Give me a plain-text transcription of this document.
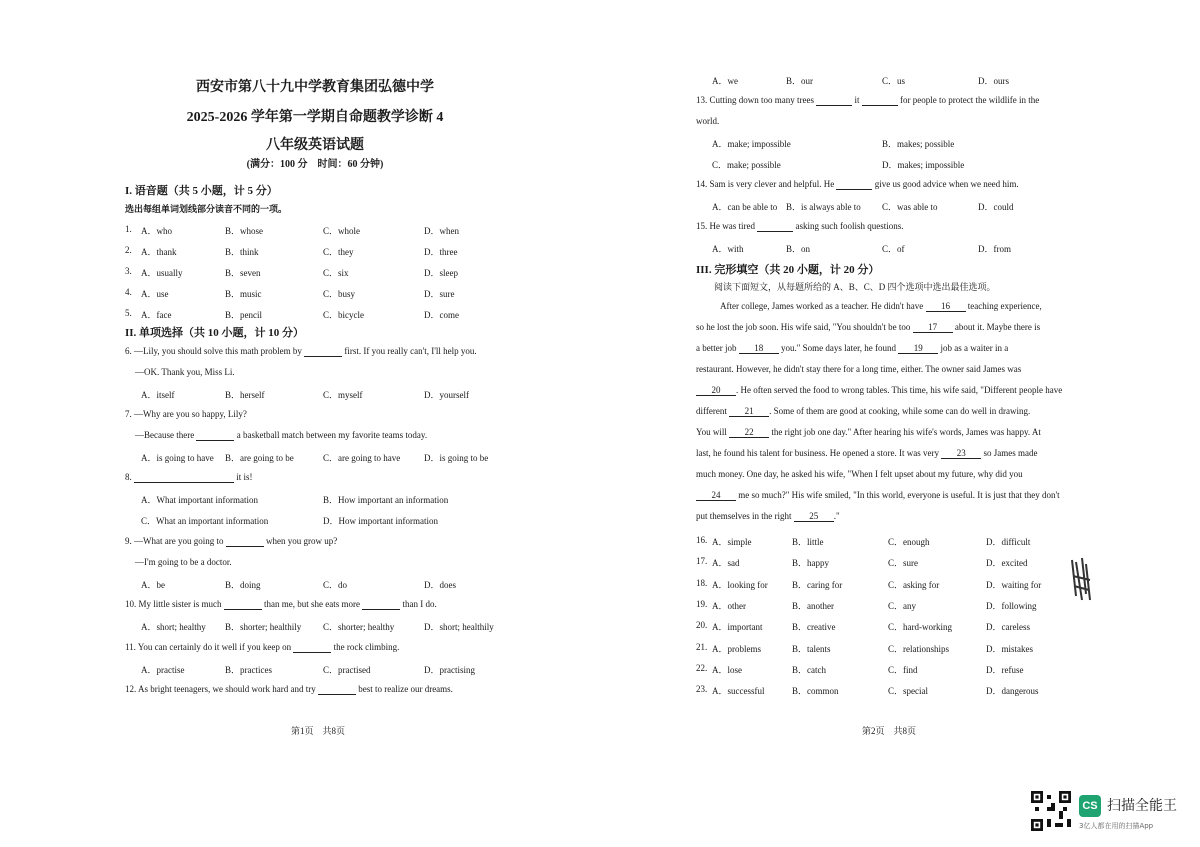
西安市第八十九中学教育集团弘德中学
2025-2026 学年第一学期自命题教学诊断 4
八年级英语试题
(满分：100 分　时间：60 分钟)
I. 语音题（共 5 小题，计 5 分）
选出每组单词划线部分读音不同的一项。
1. A．who	B．whose	C．whole	D．when
2. A．thank	B．think	C．they	D．three
3. A．usually	B．seven	C．six	D．sleep
4. A．use	B．music	C．busy	D．sure
5. A．face	B．pencil	C．bicycle	D．come
II. 单项选择（共 10 小题，计 10 分）
6. —Lily, you should solve this math problem by	first. If you really can't, I'll help you.
—OK. Thank you, Miss Li.
A．itself	B．herself	C．myself	D．yourself
7. —Why are you so happy, Lily?
—Because there	a basketball match between my favorite teams today.
A．is going to have B．are going to be	C．are going to have	D．is going to be
8.	it is!
A．What important information	B．How important an information
C．What an important information	D．How important information
9. —What are you going to	when you grow up?
—I'm going to be a doctor.
A．be	B．doing	C．do	D．does
10. My little sister is much	than me, but she eats more	than I do.
A．short; healthy B．shorter; healthily C．shorter; healthy	D．short; healthily
11. You can certainly do it well if you keep on	the rock climbing.
A．practise	B．practices	C．practised	D．practising
12. As bright teenagers, we should work hard and try	best to realize our dreams.
第1页　共8页
A．we	B．our	C．us	D．ours
13. Cutting down too many trees	it	for people to protect the wildlife in the
world.
A．make; impossible	B．makes; possible
C．make; possible	D．makes; impossible
14. Sam is very clever and helpful. He	give us good advice when we need him.
A．can be able to B．is always able to C．was able to	D．could
15. He was tired	asking such foolish questions.
A．with	B．on	C．of	D．from
III. 完形填空（共 20 小题，计 20 分）
阅读下面短文，从每题所给的 A、B、C、D 四个选项中选出最佳选项。
After college, James worked as a teacher. He didn't have 16 teaching experience,
so he lost the job soon. His wife said, "You shouldn't be too 17 about it. Maybe there is
a better job 18 you." Some days later, he found 19 job as a waiter in a
restaurant. However, he didn't stay there for a long time, either. The owner said James was
20 . He often served the food to wrong tables. This time, his wife said, "Different people have
different 21 . Some of them are good at cooking, while some can do well in drawing.
You will 22 the right job one day." After hearing his wife's words, James was happy. At
last, he found his talent for business. He opened a store. It was very 23 so James made
much money. One day, he asked his wife, "When I felt upset about my future, why did you
24 me so much?" His wife smiled, "In this world, everyone is useful. It is just that they don't
put themselves in the right 25 ."
16. A．simple	B．little	C．enough	D．difficult
17. A．sad	B．happy	C．sure	D．excited
18. A．looking for	B．caring for	C．asking for	D．waiting for
19. A．other	B．another	C．any	D．following
20. A．important	B．creative	C．hard-working	D．careless
21. A．problems	B．talents	C．relationships	D．mistakes
22. A．lose	B．catch	C．find	D．refuse
23. A．successful	B．common	C．special	D．dangerous
第2页　共8页
CS 扫描全能王
3亿人都在用的扫描App
